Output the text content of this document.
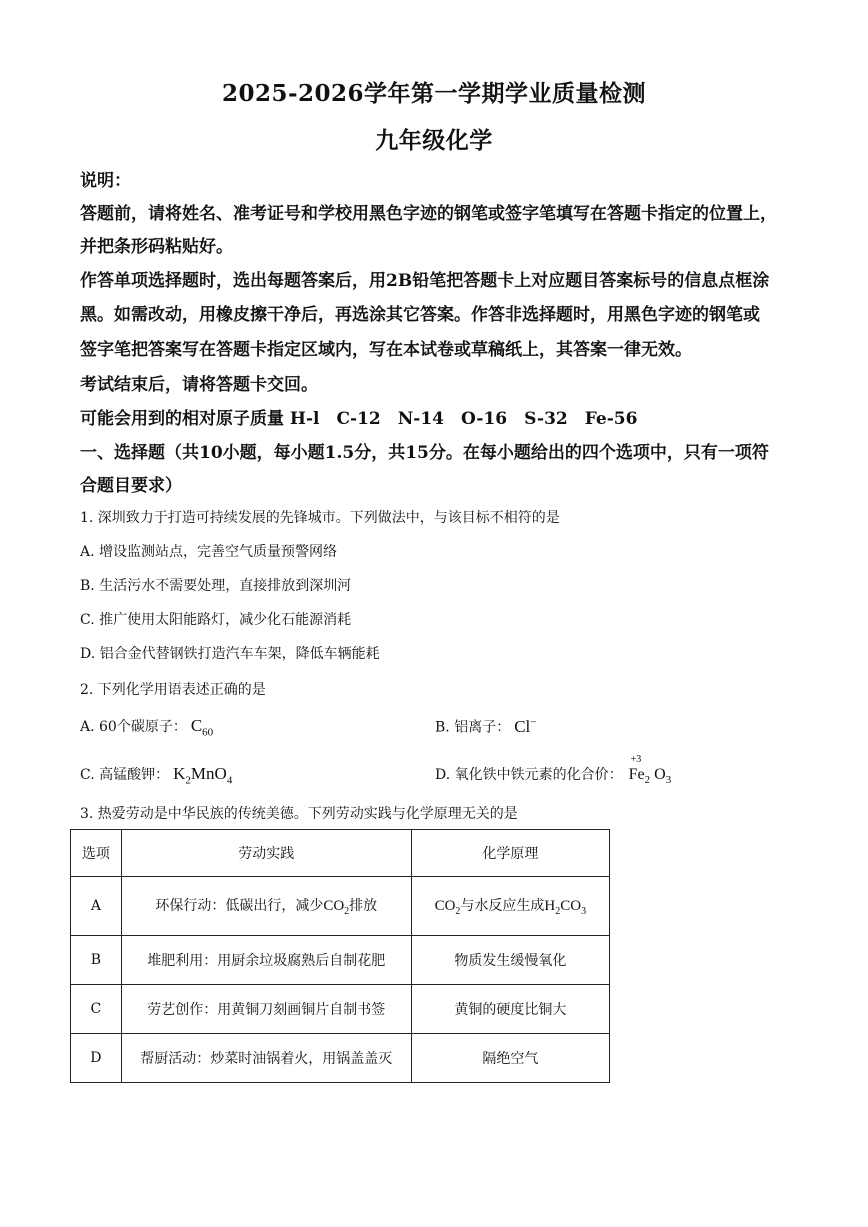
2025-2026学年第一学期学业质量检测
九年级化学
说明：
答题前，请将姓名、准考证号和学校用黑色字迹的钢笔或签字笔填写在答题卡指定的位置上，
并把条形码粘贴好。
作答单项选择题时，选出每题答案后，用2B铅笔把答题卡上对应题目答案标号的信息点框涂
黑。如需改动，用橡皮擦干净后，再选涂其它答案。作答非选择题时，用黑色字迹的钢笔或
签字笔把答案写在答题卡指定区域内，写在本试卷或草稿纸上，其答案一律无效。
考试结束后，请将答题卡交回。
可能会用到的相对原子质量 H-l　C-12　N-14　O-16　S-32　Fe-56
一、选择题（共10小题，每小题1.5分，共15分。在每小题给出的四个选项中，只有一项符
合题目要求）
1. 深圳致力于打造可持续发展的先锋城市。下列做法中，与该目标不相符的是
A. 增设监测站点，完善空气质量预警网络
B. 生活污水不需要处理，直接排放到深圳河
C. 推广使用太阳能路灯，减少化石能源消耗
D. 铝合金代替钢铁打造汽车车架，降低车辆能耗
2. 下列化学用语表述正确的是
A. 60个碳原子： $C_{60}$	B. 铝离子： Cl−
C. 高锰酸钾： $K_2MnO_4$	D. 氧化铁中铁元素的化合价：
+3
$Fe_2$ $O_3$
3. 热爱劳动是中华民族的传统美德。下列劳动实践与化学原理无关的是
选项	劳动实践	化学原理
A	环保行动：低碳出行，减少$CO_2$排放	$CO_2$与水反应生成$H_2CO_3$
B	堆肥利用：用厨余垃圾腐熟后自制花肥	物质发生缓慢氧化
C	劳艺创作：用黄铜刀刻画铜片自制书签	黄铜的硬度比铜大
D	帮厨活动：炒菜时油锅着火，用锅盖盖灭	隔绝空气
